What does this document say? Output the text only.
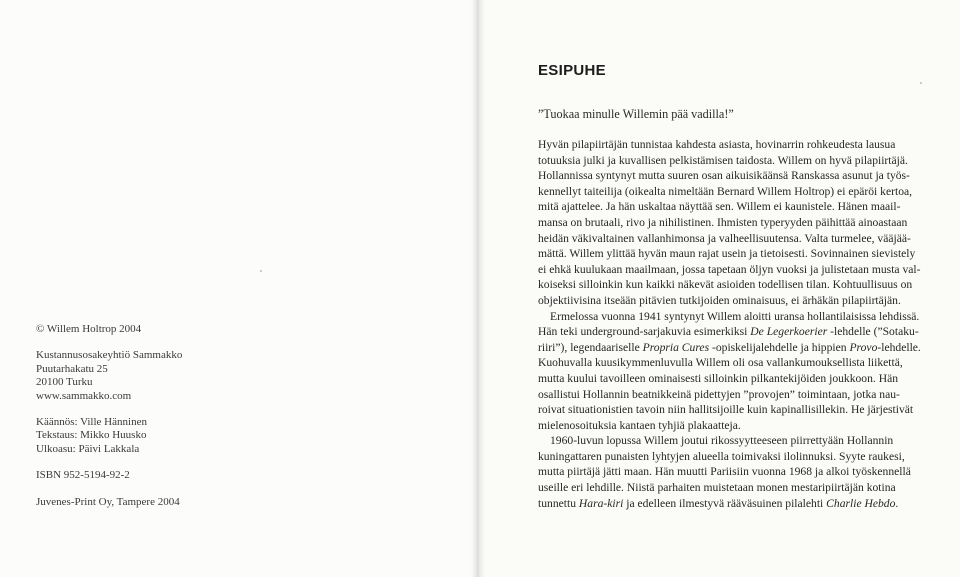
© Willem Holtrop 2004
Kustannusosakeyhtiö Sammakko
Puutarhakatu 25
20100 Turku
www.sammakko.com
Käännös: Ville Hänninen
Tekstaus: Mikko Huusko
Ulkoasu: Päivi Lakkala
ISBN 952-5194-92-2
Juvenes-Print Oy, Tampere 2004
ESIPUHE
”Tuokaa minulle Willemin pää vadilla!”
Hyvän pilapiirtäjän tunnistaa kahdesta asiasta, hovinarrin rohkeudesta lausua
totuuksia julki ja kuvallisen pelkistämisen taidosta. Willem on hyvä pilapiirtäjä.
Hollannissa syntynyt mutta suuren osan aikuisikäänsä Ranskassa asunut ja työs-
kennellyt taiteilija (oikealta nimeltään Bernard Willem Holtrop) ei epäröi kertoa,
mitä ajattelee. Ja hän uskaltaa näyttää sen. Willem ei kaunistele. Hänen maail-
mansa on brutaali, rivo ja nihilistinen. Ihmisten typeryyden päihittää ainoastaan
heidän väkivaltainen vallanhimonsa ja valheellisuutensa. Valta turmelee, vääjää-
mättä. Willem ylittää hyvän maun rajat usein ja tietoisesti. Sovinnainen sievistely
ei ehkä kuulukaan maailmaan, jossa tapetaan öljyn vuoksi ja julistetaan musta val-
koiseksi silloinkin kun kaikki näkevät asioiden todellisen tilan. Kohtuullisuus on
objektiivisina itseään pitävien tutkijoiden ominaisuus, ei ärhäkän pilapiirtäjän.
Ermelossa vuonna 1941 syntynyt Willem aloitti uransa hollantilaisissa lehdissä.
Hän teki underground-sarjakuvia esimerkiksi De Legerkoerier -lehdelle (”Sotaku-
riiri”), legendaariselle Propria Cures -opiskelijalehdelle ja hippien Provo-lehdelle.
Kuohuvalla kuusikymmenluvulla Willem oli osa vallankumouksellista liikettä,
mutta kuului tavoilleen ominaisesti silloinkin pilkantekijöiden joukkoon. Hän
osallistui Hollannin beatnikkeinä pidettyjen ”provojen” toimintaan, jotka nau-
roivat situationistien tavoin niin hallitsijoille kuin kapinallisillekin. He järjestivät
mielenosoituksia kantaen tyhjiä plakaatteja.
1960-luvun lopussa Willem joutui rikossyytteeseen piirrettyään Hollannin
kuningattaren punaisten lyhtyjen alueella toimivaksi ilolinnuksi. Syyte raukesi,
mutta piirtäjä jätti maan. Hän muutti Pariisiin vuonna 1968 ja alkoi työskennellä
useille eri lehdille. Niistä parhaiten muistetaan monen mestaripiirtäjän kotina
tunnettu Hara-kiri ja edelleen ilmestyvä rääväsuinen pilalehti Charlie Hebdo.
